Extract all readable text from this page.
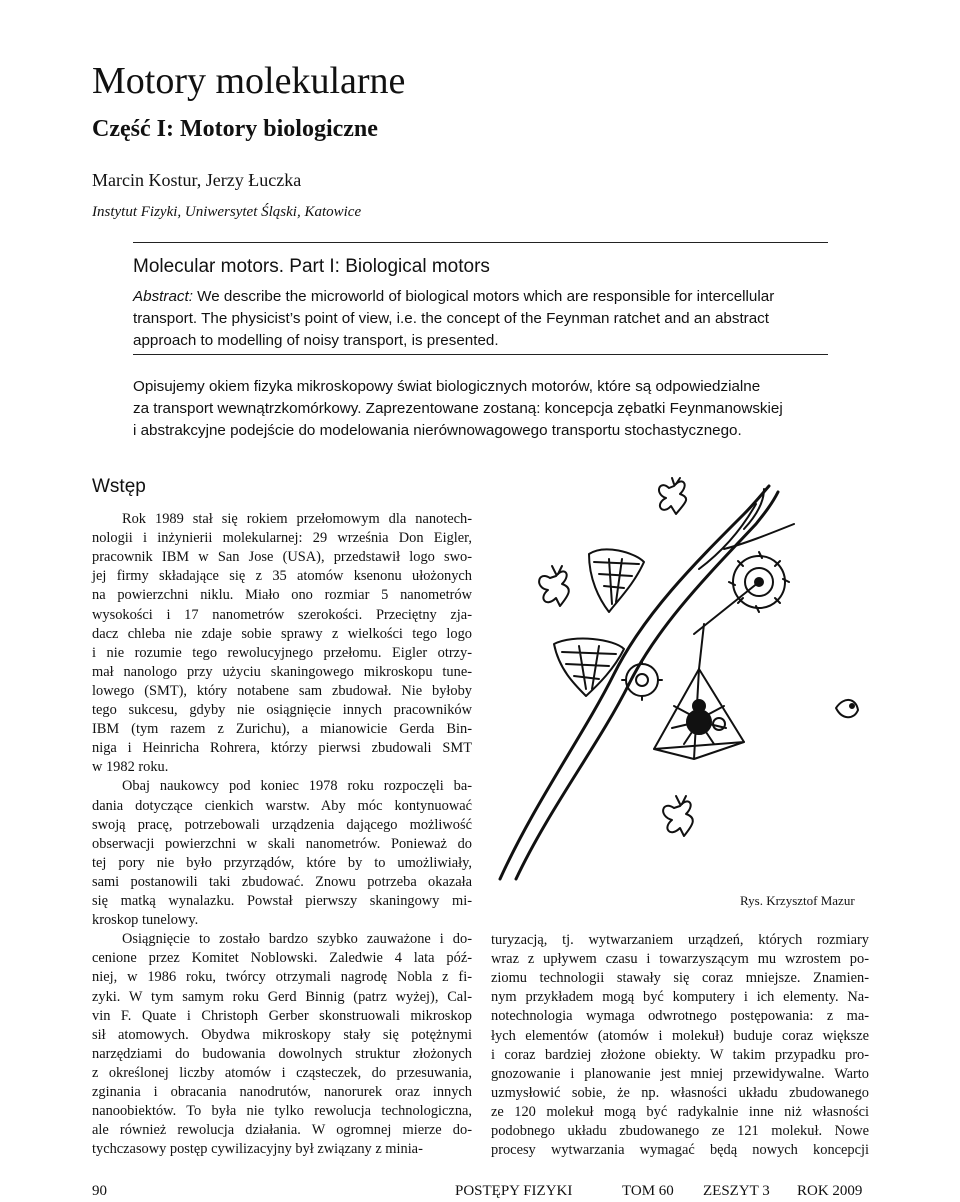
Motory molekularne
Część I: Motory biologiczne
Marcin Kostur, Jerzy Łuczka
Instytut Fizyki, Uniwersytet Śląski, Katowice
Molecular motors. Part I: Biological motors
Abstract: We describe the microworld of biological motors which are responsible for intercellular
transport. The physicist’s point of view, i.e. the concept of the Feynman ratchet and an abstract
approach to modelling of noisy transport, is presented.
Opisujemy okiem fizyka mikroskopowy świat biologicznych motorów, które są odpowiedzialne
za transport wewnątrzkomórkowy. Zaprezentowane zostaną: koncepcja zębatki Feynmanowskiej
i abstrakcyjne podejście do modelowania nierównowagowego transportu stochastycznego.
Wstęp
Rok 1989 stał się rokiem przełomowym dla nanotech-
nologii i inżynierii molekularnej: 29 września Don Eigler,
pracownik IBM w San Jose (USA), przedstawił logo swo-
jej firmy składające się z 35 atomów ksenonu ułożonych
na powierzchni niklu. Miało ono rozmiar 5 nanometrów
wysokości i 17 nanometrów szerokości. Przeciętny zja-
dacz chleba nie zdaje sobie sprawy z wielkości tego logo
i nie rozumie tego rewolucyjnego przełomu. Eigler otrzy-
mał nanologo przy użyciu skaningowego mikroskopu tune-
lowego (SMT), który notabene sam zbudował. Nie byłoby
tego sukcesu, gdyby nie osiągnięcie innych pracowników
IBM (tym razem z Zurichu), a mianowicie Gerda Bin-
niga i Heinricha Rohrera, którzy pierwsi zbudowali SMT
w 1982 roku.
Obaj naukowcy pod koniec 1978 roku rozpoczęli ba-
dania dotyczące cienkich warstw. Aby móc kontynuować
swoją pracę, potrzebowali urządzenia dającego możliwość
obserwacji powierzchni w skali nanometrów. Ponieważ do
tej pory nie było przyrządów, które by to umożliwiały,
sami postanowili taki zbudować. Znowu potrzeba okazała
się matką wynalazku. Powstał pierwszy skaningowy mi-
kroskop tunelowy.
Osiągnięcie to zostało bardzo szybko zauważone i do-
cenione przez Komitet Noblowski. Zaledwie 4 lata póź-
niej, w 1986 roku, twórcy otrzymali nagrodę Nobla z fi-
zyki. W tym samym roku Gerd Binnig (patrz wyżej), Cal-
vin F. Quate i Christoph Gerber skonstruowali mikroskop
sił atomowych. Obydwa mikroskopy stały się potężnymi
narzędziami do budowania dowolnych struktur złożonych
z określonej liczby atomów i cząsteczek, do przesuwania,
zginania i obracania nanodrutów, nanorurek oraz innych
nanoobiektów. To była nie tylko rewolucja technologiczna,
ale również rewolucja działania. W ogromnej mierze do-
tychczasowy postęp cywilizacyjny był związany z minia-
turyzacją, tj. wytwarzaniem urządzeń, których rozmiary
wraz z upływem czasu i towarzyszącym mu wzrostem po-
ziomu technologii stawały się coraz mniejsze. Znamien-
nym przykładem mogą być komputery i ich elementy. Na-
notechnologia wymaga odwrotnego postępowania: z ma-
łych elementów (atomów i molekuł) buduje coraz większe
i coraz bardziej złożone obiekty. W takim przypadku pro-
gnozowanie i planowanie jest mniej przewidywalne. Warto
uzmysłowić sobie, że np. własności układu zbudowanego
ze 120 molekuł mogą być radykalnie inne niż własności
podobnego układu zbudowanego ze 121 molekuł. Nowe
procesy wytwarzania wymagać będą nowych koncepcji
Rys. Krzysztof Mazur
90	POSTĘPY FIZYKI	TOM 60 ZESZYT 3 ROK 2009
